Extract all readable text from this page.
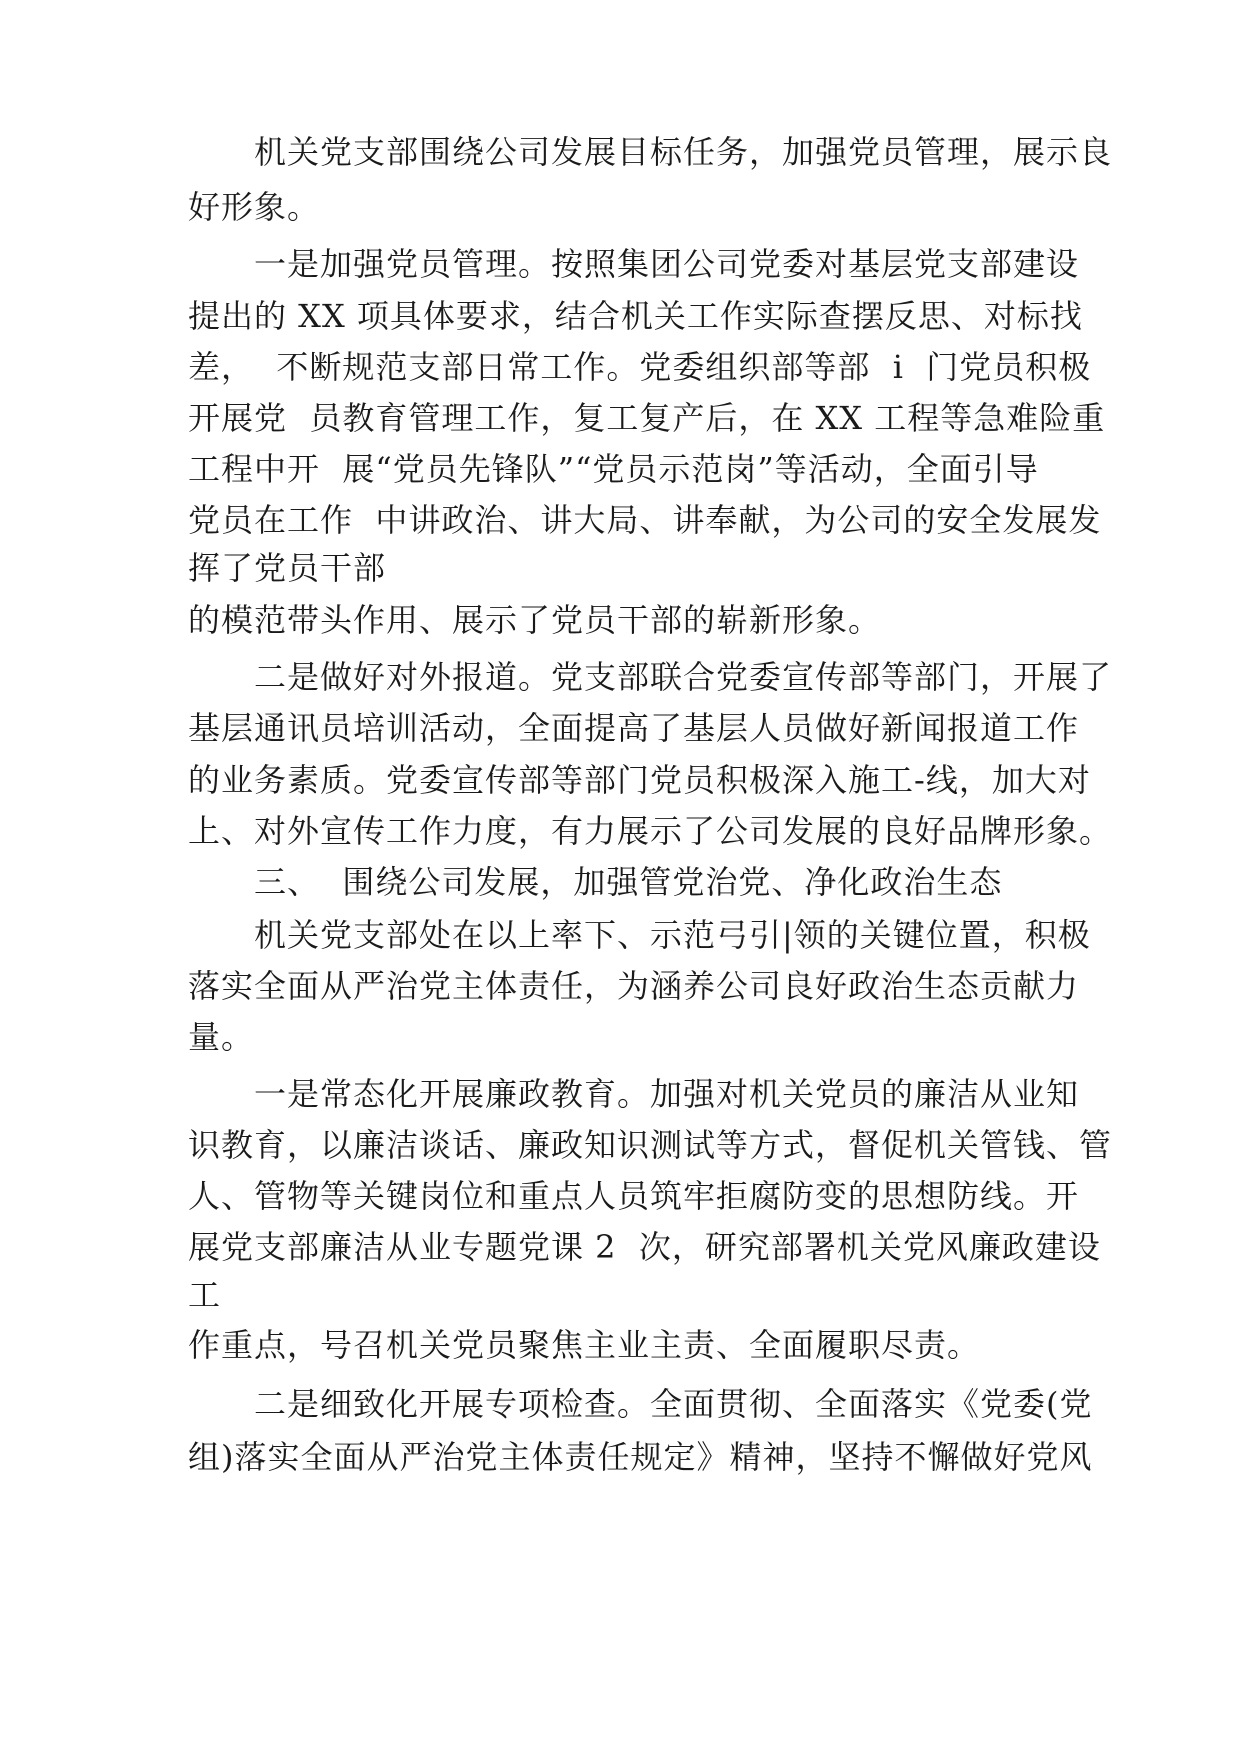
机关党支部围绕公司发展目标任务，加强党员管理，展示良
好形象。
一是加强党员管理。按照集团公司党委对基层党支部建设
提出的 XX 项具体要求，结合机关工作实际查摆反思、对标找
差，  不断规范支部日常工作。党委组织部等部  i  门党员积极
开展党  员教育管理工作，复工复产后，在 XX 工程等急难险重
工程中开  展“党员先锋队”“党员示范岗”等活动，全面引导
党员在工作  中讲政治、讲大局、讲奉献，为公司的安全发展发
挥了党员干部
的模范带头作用、展示了党员干部的崭新形象。
二是做好对外报道。党支部联合党委宣传部等部门，开展了
基层通讯员培训活动，全面提高了基层人员做好新闻报道工作
的业务素质。党委宣传部等部门党员积极深入施工-线，加大对
上、对外宣传工作力度，有力展示了公司发展的良好品牌形象。
三、  围绕公司发展，加强管党治党、净化政治生态
机关党支部处在以上率下、示范弓引|领的关键位置，积极
落实全面从严治党主体责任，为涵养公司良好政治生态贡献力
量。
一是常态化开展廉政教育。加强对机关党员的廉洁从业知
识教育，以廉洁谈话、廉政知识测试等方式，督促机关管钱、管
人、管物等关键岗位和重点人员筑牢拒腐防变的思想防线。开
展党支部廉洁从业专题党课 2  次，研究部署机关党风廉政建设
工
作重点，号召机关党员聚焦主业主责、全面履职尽责。
二是细致化开展专项检查。全面贯彻、全面落实《党委(党
组)落实全面从严治党主体责任规定》精神，坚持不懈做好党风
